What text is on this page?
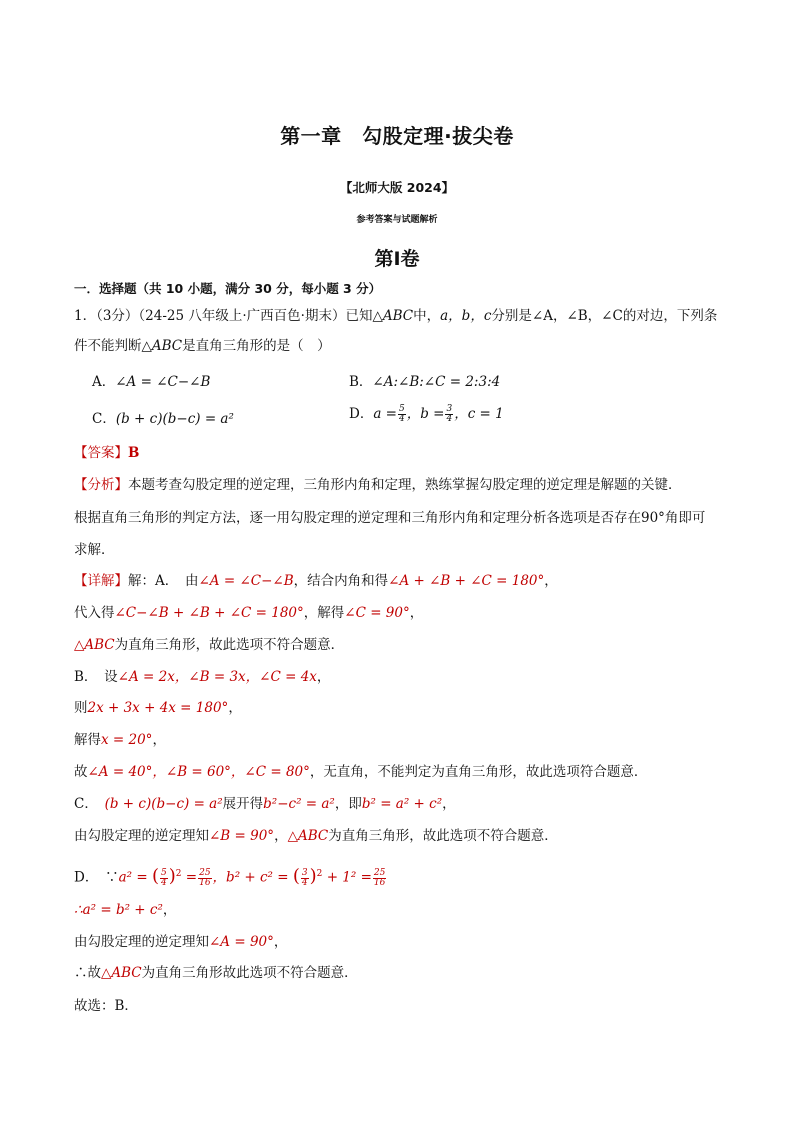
第一章　勾股定理·拔尖卷
【北师大版 2024】
参考答案与试题解析
第Ⅰ卷
一．选择题（共 10 小题，满分 30 分，每小题 3 分）
1．（3分）（24-25 八年级上·广西百色·期末）已知△ABC中，a，b，c分别是∠A，∠B，∠C的对边，下列条
件不能判断△ABC是直角三角形的是（　）
A．∠A = ∠C−∠B	B．∠A:∠B:∠C = 2:3:4
C．(b + c)(b−c) = a²	D．$a = \frac{5}{4}$ ，$b = \frac{3}{4}$ ，c = 1
【答案】B
【分析】本题考查勾股定理的逆定理，三角形内角和定理，熟练掌握勾股定理的逆定理是解题的关键．
根据直角三角形的判定方法，逐一用勾股定理的逆定理和三角形内角和定理分析各选项是否存在90°角即可
求解．
【详解】解：A．　由∠A = ∠C−∠B，结合内角和得∠A + ∠B + ∠C = 180°，
代入得∠C−∠B + ∠B + ∠C = 180°，解得∠C = 90°，
△ABC为直角三角形，故此选项不符合题意．
B．　设∠A = 2x，∠B = 3x，∠C = 4x，
则2x + 3x + 4x = 180°，
解得x = 20°，
故∠A = 40°，∠B = 60°，∠C = 80°，无直角，不能判定为直角三角形，故此选项符合题意．
C．　(b + c)(b−c) = a²展开得b²−c² = a²，即b² = a² + c²，
由勾股定理的逆定理知∠B = 90°，△ABC为直角三角形，故此选项不符合题意．
D．　∵a² = ( $\frac{5}{4} )^2 = \frac{25}{16}$ ，b² + c² = ( $\frac{3}{4} )^2 + 1^2 = \frac{25}{16}$
∴a² = b² + c²，
由勾股定理的逆定理知∠A = 90°，
∴故△ABC为直角三角形故此选项不符合题意．
故选：B．
